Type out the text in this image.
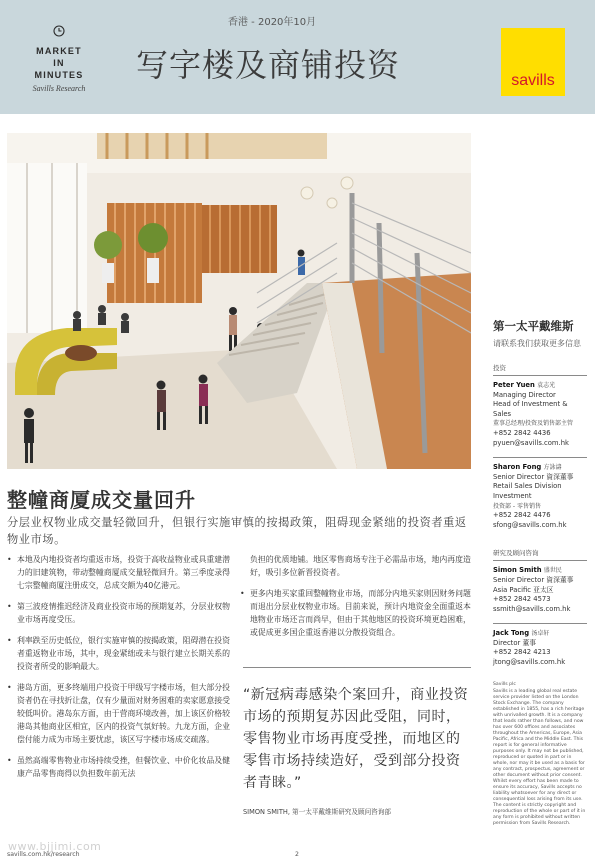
MARKET
IN
MINUTES
Savills Research
香港 - 2020年10月
写字楼及商铺投资	savills
第一太平戴维斯
请联系我们获取更多信息
投资
Peter Yuen 袁志光
Managing Director
Head of Investment & Sales
董事总经理/投资及销售部主管
+852 2842 4436
pyuen@savills.com.hk
Sharon Fong 方詠濤
Senior Director 資深董事
Retail Sales Division
Investment
投资部 - 零售销售
+852 2842 4476
sfong@savills.com.hk
研究及顾问咨询
Simon Smith 盛世民
Senior Director 資深董事
Asia Pacific 亚太区
+852 2842 4573
ssmith@savills.com.hk
Jack Tong 汤卓轩
Director 董事
+852 2842 4213
jtong@savills.com.hk
Savills plc
Savills is a leading global real estate service provider listed on the London Stock Exchange. The company established in 1855, has a rich heritage with unrivalled growth. It is a company that leads rather than follows, and now has over 600 offices and associates throughout the Americas, Europe, Asia Pacific, Africa and the Middle East. This report is for general informative purposes only. It may not be published, reproduced or quoted in part or in whole, nor may it be used as a basis for any contract, prospectus, agreement or other document without prior consent. Whilst every effort has been made to ensure its accuracy, Savills accepts no liability whatsoever for any direct or consequential loss arising from its use. The content is strictly copyright and reproduction of the whole or part of it in any form is prohibited without written permission from Savills Research.
整幢商厦成交量回升
分层业权物业成交量轻微回升，但银行实施审慎的按揭政策，阻碍现金紧绌的投资者重返物业市场。
• 本地及内地投资者均重返市场，投资于高收益物业或具重建潜力的旧建筑物，带动整幢商厦成交量轻微回升。第三季度录得七宗整幢商厦注册成交，总成交额为40亿港元。
• 第三波疫情推迟经济及商业投资市场的预期复苏，分层业权物业市场再度受压。
• 利率跌至历史低位，银行实施审慎的按揭政策，阻碍潜在投资者重返物业市场，其中，现金紧绌或未与银行建立长期关系的投资者所受的影响最大。
• 港岛方面，更多终端用户投资于甲级写字楼市场，但大部分投资者仍在寻找折让盘，仅有少量面对财务困难的卖家愿意接受较低叫价。港岛东方面，由于营商环境改善，加上该区价格较港岛其他商业区相宜，区内的投资气氛好转。九龙方面，企业偿付能力成为市场主要忧虑，该区写字楼市场成交疏落。
• 虽然高端零售物业市场持续受挫，但餐饮业、中价化妆品及健康产品零售商得以负担数年前无法

负担的优质地铺。地区零售商场专注于必需品市场，地内再度造好，吸引多位新晋投资者。

• 更多内地买家重回整幢物业市场，而部分内地买家则因财务问题而退出分层业权物业市场。目前来说，预计内地资金全面重返本地物业市场还言而尚早，但由于其他地区的投资环境更趋困难，或促成更多国企重返香港以分散投资组合。
“新冠病毒感染个案回升，商业投资市场的预期复苏因此受阻，同时，零售物业市场再度受挫，而地区的零售市场持续造好，受到部分投资者青睐。”
SIMON SMITH, 第一太平戴维斯研究及顾问咨询部
www.bjjimi.com
savills.com.hk/research	2
